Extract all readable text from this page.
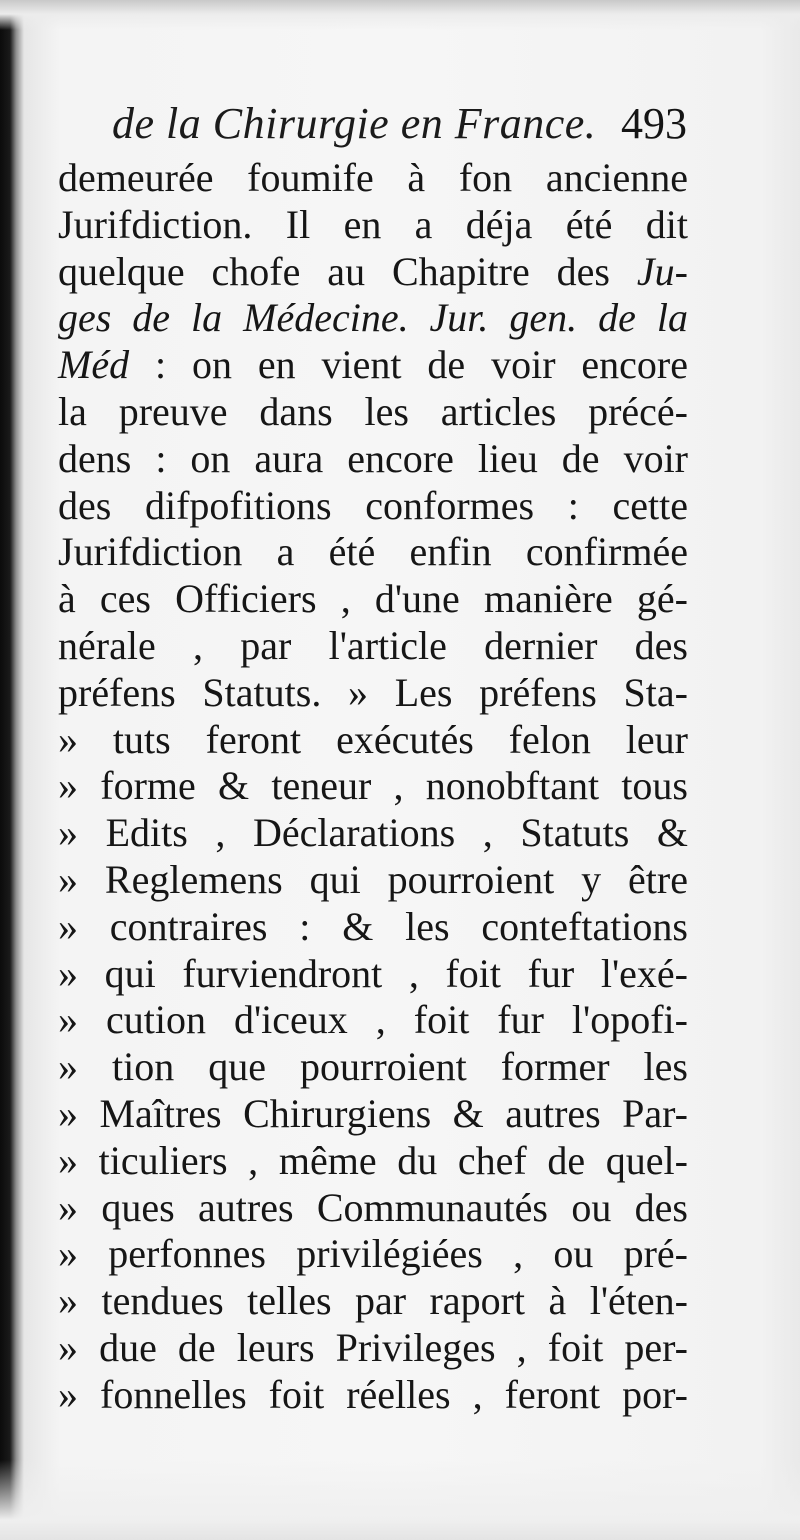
de la Chirurgie en France. 493
demeurée foumife à fon ancienne
Jurifdiction. Il en a déja été dit
quelque chofe au Chapitre des Ju-
ges de la Médecine. Jur. gen. de la
Méd : on en vient de voir encore
la preuve dans les articles précé-
dens : on aura encore lieu de voir
des difpofitions conformes : cette
Jurifdiction a été enfin confirmée
à ces Officiers , d'une manière gé-
nérale , par l'article dernier des
préfens Statuts. » Les préfens Sta-
» tuts feront exécutés felon leur
» forme & teneur , nonobftant tous
» Edits , Déclarations , Statuts &
» Reglemens qui pourroient y être
» contraires : & les conteftations
» qui furviendront , foit fur l'exé-
» cution d'iceux , foit fur l'opofi-
» tion que pourroient former les
» Maîtres Chirurgiens & autres Par-
» ticuliers , même du chef de quel-
» ques autres Communautés ou des
» perfonnes privilégiées , ou pré-
» tendues telles par raport à l'éten-
» due de leurs Privileges , foit per-
» fonnelles foit réelles , feront por-
